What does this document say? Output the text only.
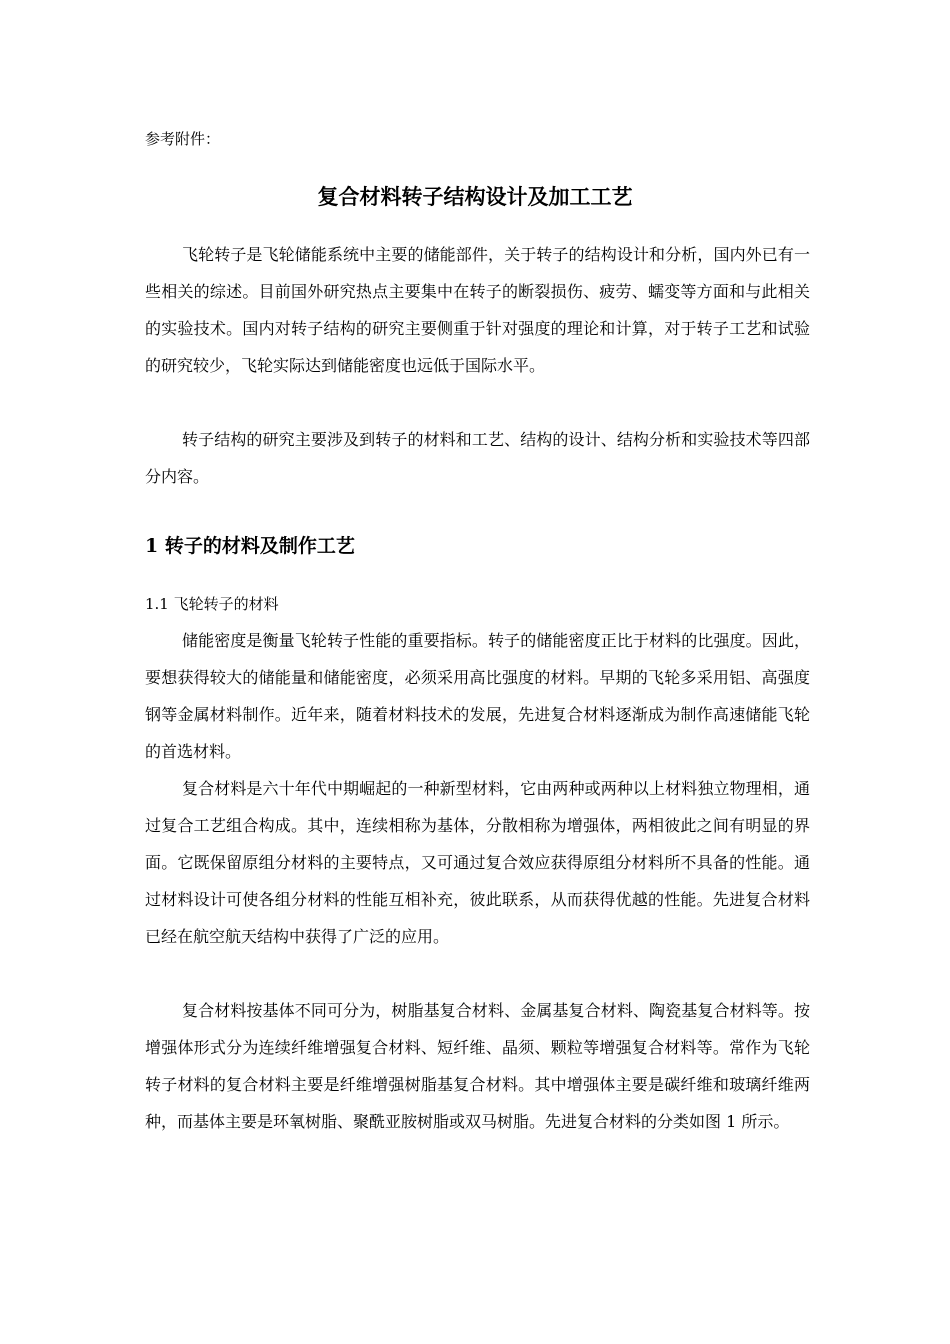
参考附件：
复合材料转子结构设计及加工工艺

飞轮转子是飞轮储能系统中主要的储能部件，关于转子的结构设计和分析，国内外已有一些相关的综述。目前国外研究热点主要集中在转子的断裂损伤、疲劳、蠕变等方面和与此相关的实验技术。国内对转子结构的研究主要侧重于针对强度的理论和计算，对于转子工艺和试验的研究较少，飞轮实际达到储能密度也远低于国际水平。

转子结构的研究主要涉及到转子的材料和工艺、结构的设计、结构分析和实验技术等四部分内容。

1 转子的材料及制作工艺
1.1 飞轮转子的材料

储能密度是衡量飞轮转子性能的重要指标。转子的储能密度正比于材料的比强度。因此，要想获得较大的储能量和储能密度，必须采用高比强度的材料。早期的飞轮多采用铝、高强度钢等金属材料制作。近年来，随着材料技术的发展，先进复合材料逐渐成为制作高速储能飞轮的首选材料。

复合材料是六十年代中期崛起的一种新型材料，它由两种或两种以上材料独立物理相，通过复合工艺组合构成。其中，连续相称为基体，分散相称为增强体，两相彼此之间有明显的界面。它既保留原组分材料的主要特点，又可通过复合效应获得原组分材料所不具备的性能。通过材料设计可使各组分材料的性能互相补充，彼此联系，从而获得优越的性能。先进复合材料已经在航空航天结构中获得了广泛的应用。

复合材料按基体不同可分为，树脂基复合材料、金属基复合材料、陶瓷基复合材料等。按增强体形式分为连续纤维增强复合材料、短纤维、晶须、颗粒等增强复合材料等。常作为飞轮转子材料的复合材料主要是纤维增强树脂基复合材料。其中增强体主要是碳纤维和玻璃纤维两种，而基体主要是环氧树脂、聚酰亚胺树脂或双马树脂。先进复合材料的分类如图 1 所示。
